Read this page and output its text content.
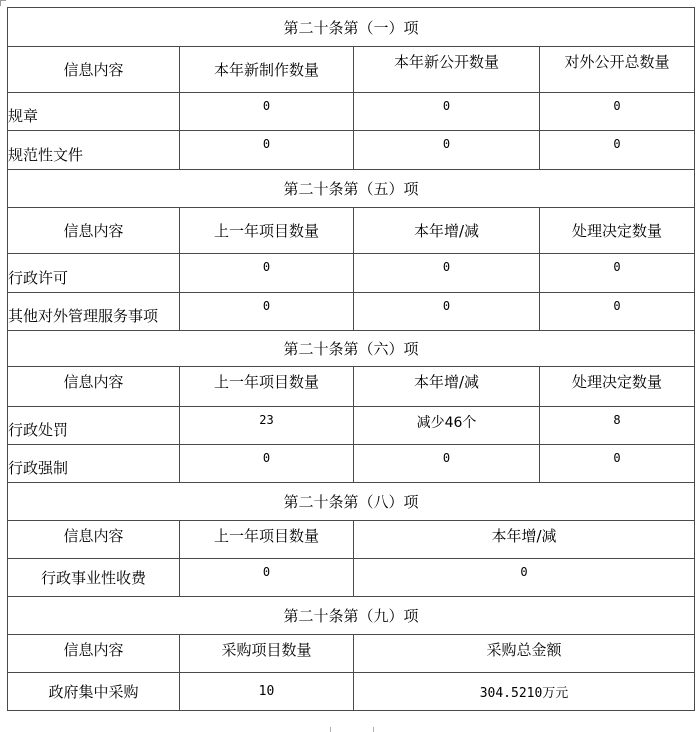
第二十条第（一）项			
信息内容	本年新制作数量	本年新公开数量	对外公开总数量
规章	0	0	0
规范性文件	0	0	0
第二十条第（五）项			
信息内容	上一年项目数量	本年增/减	处理决定数量
行政许可	0	0	0
其他对外管理服务事项	0	0	0
第二十条第（六）项			
信息内容	上一年项目数量	本年增/减	处理决定数量
行政处罚	23	减少46个	8
行政强制	0	0	0
第二十条第（八）项			
信息内容	上一年项目数量	本年增/减	
行政事业性收费	0	0	
第二十条第（九）项			
信息内容	采购项目数量	采购总金额	
政府集中采购	10	304.5210万元	
